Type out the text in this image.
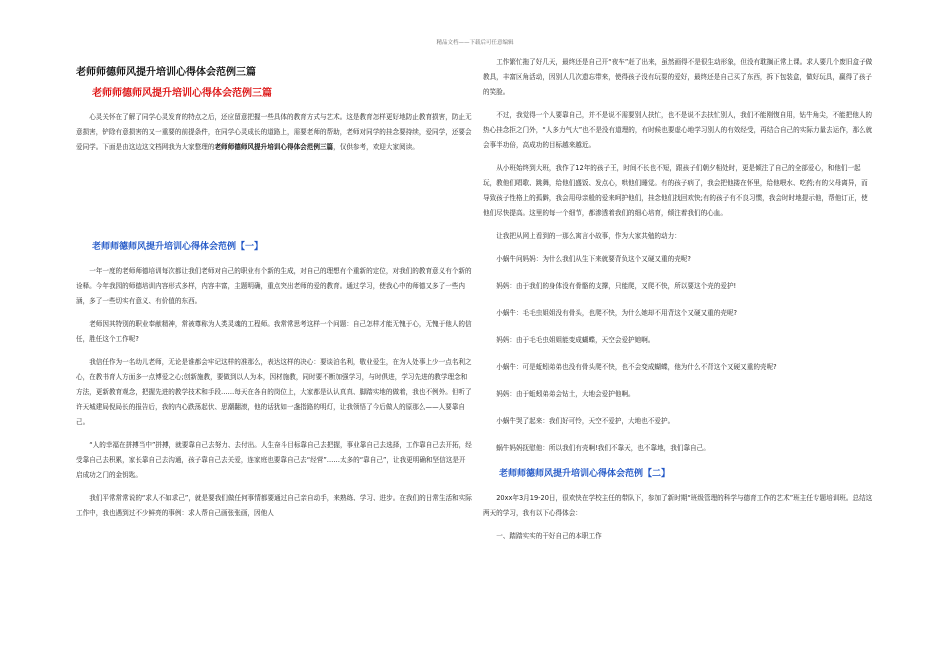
精品文档——下载后可任意编辑
老师师德师风提升培训心得体会范例三篇
老师师德师风提升培训心得体会范例三篇

心灵关怀在了解了同学心灵发育的特点之后，还应留意把握一些具体的教育方式与艺术。这是教育怎样更好地防止教育损害，防止无意损害，铲除有意损害的又一重要的前提条件，在同学心灵成长的道路上，需要老师的帮助，老师对同学的挂念要持续，爱同学，还要会爱同学。下面是由这边这文档网我为大家整理的老师师德师风提升培训心得体会范例三篇，仅供参考，欢迎大家阅读。

老师师德师风提升培训心得体会范例【一】

一年一度的老师师德培训每次都让我们老师对自己的职业有个新的生成，对自己的理想有个重新的定位，对我们的教育意义有个新的诠释。今年我园的师德培训内容形式多样，内容丰富，主题明确，重点突出老师的爱的教育。通过学习，使我心中的师德又多了一些内涵，多了一些切实有意义、有价值的东西。

老师因其特别的职业奉献精神，常被尊称为人类灵魂的工程师。我常常思考这样一个问题：自己怎样才能无愧于心，无愧于他人的信任，胜任这个工作呢?

我信任作为一名幼儿老师，无论是谁都会牢记这样的准那么，表达这样的决心：要谈泊名利，敬业爱生，在为人处事上少一点名利之心，在教书育人方面多一点博爱之心;创新施教，要做到以人为本，因材施教，同时要不断加强学习，与时俱进，学习先进的教学理念和方法，更新教育观念，把握先进的教学技术和手段……每天在各自的岗位上，大家都是认认真真、脚踏实地的做着，我也不例外。但听了许天城建局倪局长的报告后，我的内心跌荡起伏、思潮翻滚，他的话犹如一盏指路的明灯，让我领悟了今后做人的原那么——人要靠自己。

“人的幸福在拼搏当中”拼搏，就要靠自己去努力、去付出。人生奋斗目标靠自己去把握，事业靠自己去选择，工作靠自己去开拓，经受靠自己去积累，家长靠自己去沟通，孩子靠自己去关爱，连家庭也要靠自己去“经营”……太多的“靠自己”，让我更明确和坚信这是开启成功之门的金钥匙。

我们平常常常说的“求人不如求己”，就是要我们做任何事情都要通过自己亲自动手，来熟练、学习、进步。在我们的日常生活和实际工作中，我也遇到过不少鲜亮的事例：求人帮自己画张张画，因他人

工作繁忙拖了好几天，最终还是自己开“夜车”赶了出来，虽然画得不是很生动形象，但没有耽搁正常上课。求人要几个废旧盒子做教具，丰富区角活动，因别人几次遗忘带来，使得孩子没有玩耍的爱好，最终还是自己买了东西，拆下包装盒，做好玩具，赢得了孩子的笑脸。

不过，我觉得一个人要靠自己，并不是说不需要别人扶忙，也不是说不去扶忙别人，我们不能刚愎自用，钻牛角尖，不能把他人的热心挂念拒之门外，“人多力气大”也不是没有道理的，有时候也要虚心地学习别人的有效经受，再结合自己的实际力量去运作，那么就会事半功倍，高成功的目标越来越近。

从小班始终到大班，我作了12年的孩子王，时间不长也不短，跟孩子们朝夕相处时，更是倾注了自己的全部爱心，和他们一起玩，教他们唱歌、跳舞，给他们盛饭、发点心，哄他们睡觉。有的孩子病了，我会把他搂在怀里，给他喂水、吃药;有的父母离异，而导致孩子性格上的孤僻，我会用母亲般的爱来呵护他们，挂念他们找回欢快;有的孩子有不良习惯，我会时时地提示他，帮他订正，使他们尽快提高。这里的每一个细节，都渗透着我们的细心培育，倾注着我们的心血。

让我把从网上看到的一那么寓言小故事，作为大家共勉的动力：

小蜗牛问妈妈：为什么我们从生下来就要背负这个又硬又重的壳呢?

妈妈：由于我们的身体没有骨骼的支撑，只能爬，又爬不快，所以要这个壳的爱护!

小蜗牛：毛毛虫姐姐没有骨头，也爬不快，为什么她却不用背这个又硬又重的壳呢?

妈妈：由于毛毛虫姐姐能变成蝴蝶，天空会爱护她啊。

小蜗牛：可是蚯蚓弟弟也没有骨头爬不快，也不会变成蝴蝶，他为什么不背这个又硬又重的壳呢?

妈妈：由于蚯蚓弟弟会钻土，大地会爱护他啊。

小蜗牛哭了起来：我们好可怜，天空不爱护，大地也不爱护。

蜗牛妈妈抚慰他：所以我们有壳啊!我们不靠天，也不靠地，我们靠自己。

老师师德师风提升培训心得体会范例【二】

20xx年3月19-20日，很欢快在学校主任的带队下，参加了新时期“班级管理的科学与德育工作的艺术”班主任专题培训班。总结这两天的学习，我有以下心得体会：

一、踏踏实实的干好自己的本职工作
